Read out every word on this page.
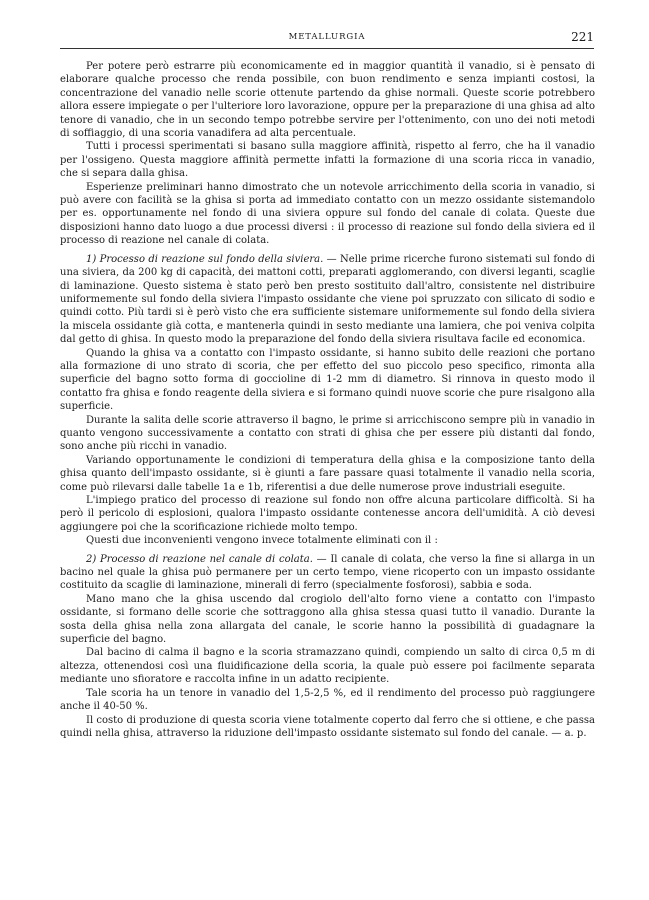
METALLURGIA	221

Per potere però estrarre più economicamente ed in maggior quantità il vanadio, si è pensato di elaborare qualche processo che renda possibile, con buon rendimento e senza impianti costosi, la concentrazione del vanadio nelle scorie ottenute partendo da ghise normali. Queste scorie potrebbero allora essere impiegate o per l'ulteriore loro lavorazione, oppure per la preparazione di una ghisa ad alto tenore di vanadio, che in un secondo tempo potrebbe servire per l'ottenimento, con uno dei noti metodi di soffiaggio, di una scoria vanadifera ad alta percentuale.

Tutti i processi sperimentati si basano sulla maggiore affinità, rispetto al ferro, che ha il vanadio per l'ossigeno. Questa maggiore affinità permette infatti la formazione di una scoria ricca in vanadio, che si separa dalla ghisa.

Esperienze preliminari hanno dimostrato che un notevole arricchimento della scoria in vanadio, si può avere con facilità se la ghisa si porta ad immediato contatto con un mezzo ossidante sistemandolo per es. opportunamente nel fondo di una siviera oppure sul fondo del canale di colata. Queste due disposizioni hanno dato luogo a due processi diversi : il processo di reazione sul fondo della siviera ed il processo di reazione nel canale di colata.

1) Processo di reazione sul fondo della siviera. — Nelle prime ricerche furono sistemati sul fondo di una siviera, da 200 kg di capacità, dei mattoni cotti, preparati agglomerando, con diversi leganti, scaglie di laminazione. Questo sistema è stato però ben presto sostituito dall'altro, consistente nel distribuire uniformemente sul fondo della siviera l'impasto ossidante che viene poi spruzzato con silicato di sodio e quindi cotto. Più tardi si è però visto che era sufficiente sistemare uniformemente sul fondo della siviera la miscela ossidante già cotta, e mantenerla quindi in sesto mediante una lamiera, che poi veniva colpita dal getto di ghisa. In questo modo la preparazione del fondo della siviera risultava facile ed economica.

Quando la ghisa va a contatto con l'impasto ossidante, si hanno subito delle reazioni che portano alla formazione di uno strato di scoria, che per effetto del suo piccolo peso specifico, rimonta alla superficie del bagno sotto forma di goccioline di 1-2 mm di diametro. Si rinnova in questo modo il contatto fra ghisa e fondo reagente della siviera e si formano quindi nuove scorie che pure risalgono alla superficie.

Durante la salita delle scorie attraverso il bagno, le prime si arricchiscono sempre più in vanadio in quanto vengono successivamente a contatto con strati di ghisa che per essere più distanti dal fondo, sono anche più ricchi in vanadio.

Variando opportunamente le condizioni di temperatura della ghisa e la composizione tanto della ghisa quanto dell'impasto ossidante, si è giunti a fare passare quasi totalmente il vanadio nella scoria, come può rilevarsi dalle tabelle 1a e 1b, riferentisi a due delle numerose prove industriali eseguite.

L'impiego pratico del processo di reazione sul fondo non offre alcuna particolare difficoltà. Si ha però il pericolo di esplosioni, qualora l'impasto ossidante contenesse ancora dell'umidità. A ciò devesi aggiungere poi che la scorificazione richiede molto tempo.

Questi due inconvenienti vengono invece totalmente eliminati con il :

2) Processo di reazione nel canale di colata. — Il canale di colata, che verso la fine si allarga in un bacino nel quale la ghisa può permanere per un certo tempo, viene ricoperto con un impasto ossidante costituito da scaglie di laminazione, minerali di ferro (specialmente fosforosi), sabbia e soda.

Mano mano che la ghisa uscendo dal crogiolo dell'alto forno viene a contatto con l'impasto ossidante, si formano delle scorie che sottraggono alla ghisa stessa quasi tutto il vanadio. Durante la sosta della ghisa nella zona allargata del canale, le scorie hanno la possibilità di guadagnare la superficie del bagno.

Dal bacino di calma il bagno e la scoria stramazzano quindi, compiendo un salto di circa 0,5 m di altezza, ottenendosi così una fluidificazione della scoria, la quale può essere poi facilmente separata mediante uno sfioratore e raccolta infine in un adatto recipiente.

Tale scoria ha un tenore in vanadio del 1,5-2,5 %, ed il rendimento del processo può raggiungere anche il 40-50 %.

Il costo di produzione di questa scoria viene totalmente coperto dal ferro che si ottiene, e che passa quindi nella ghisa, attraverso la riduzione dell'impasto ossidante sistemato sul fondo del canale. — a. p.
